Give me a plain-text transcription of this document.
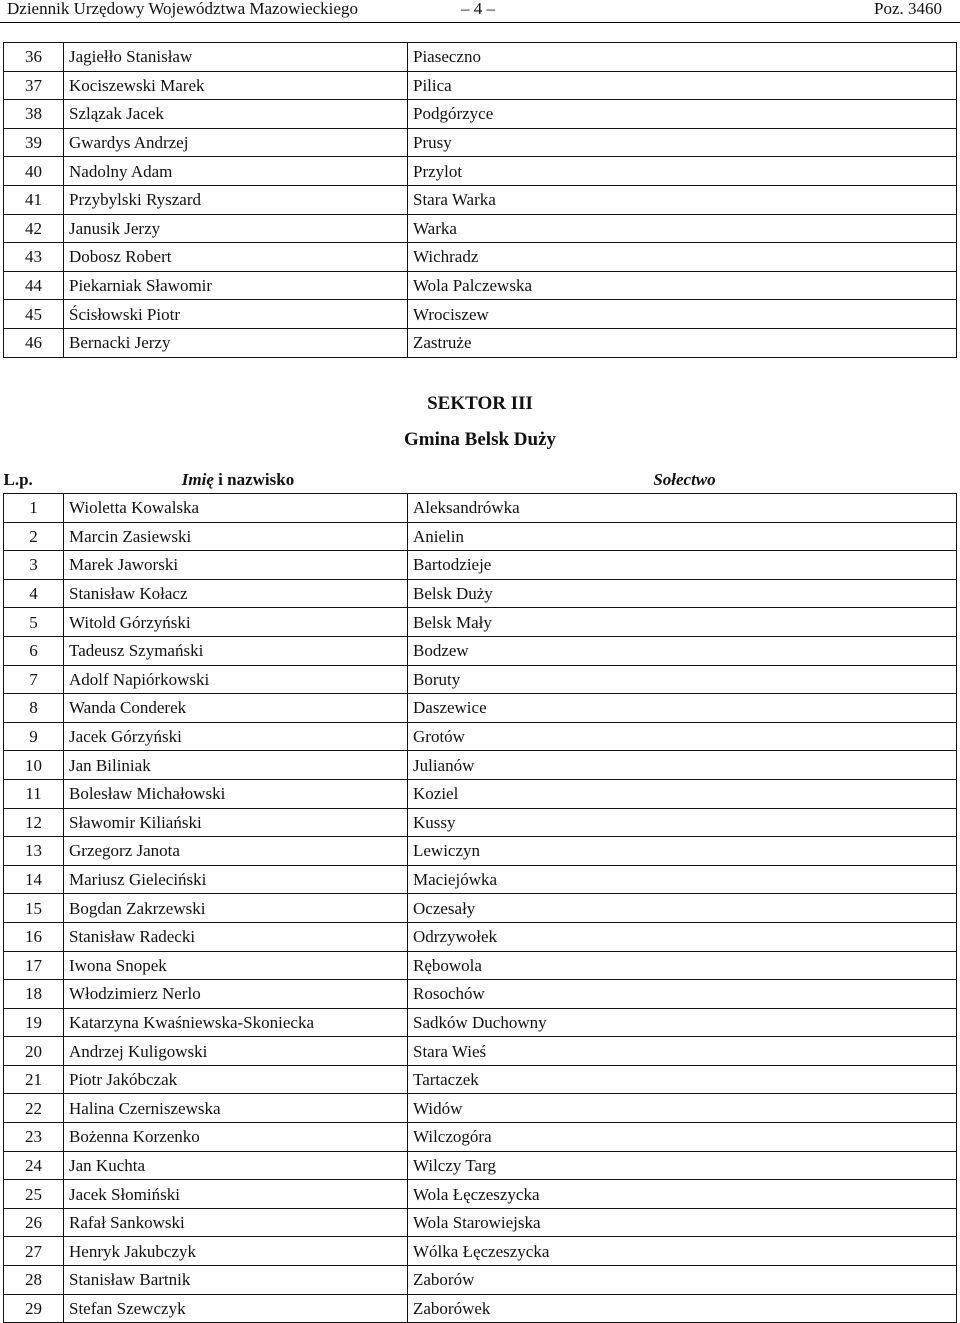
Dziennik Urzędowy Województwa Mazowieckiego	– 4 –	Poz. 3460
36	Jagiełło Stanisław	Piaseczno
37	Kociszewski Marek	Pilica
38	Szlązak Jacek	Podgórzyce
39	Gwardys Andrzej	Prusy
40	Nadolny Adam	Przylot
41	Przybylski Ryszard	Stara Warka
42	Janusik Jerzy	Warka
43	Dobosz Robert	Wichradz
44	Piekarniak Sławomir	Wola Palczewska
45	Ścisłowski Piotr	Wrociszew
46	Bernacki Jerzy	Zastruże
SEKTOR III
Gmina Belsk Duży
L.p.	Imię i nazwisko	Sołectwo
1	Wioletta Kowalska	Aleksandrówka
2	Marcin Zasiewski	Anielin
3	Marek Jaworski	Bartodzieje
4	Stanisław Kołacz	Belsk Duży
5	Witold Górzyński	Belsk Mały
6	Tadeusz Szymański	Bodzew
7	Adolf Napiórkowski	Boruty
8	Wanda Conderek	Daszewice
9	Jacek Górzyński	Grotów
10	Jan Biliniak	Julianów
11	Bolesław Michałowski	Koziel
12	Sławomir Kiliański	Kussy
13	Grzegorz Janota	Lewiczyn
14	Mariusz Gieleciński	Maciejówka
15	Bogdan Zakrzewski	Oczesały
16	Stanisław Radecki	Odrzywołek
17	Iwona Snopek	Rębowola
18	Włodzimierz Nerlo	Rosochów
19	Katarzyna Kwaśniewska-Skoniecka	Sadków Duchowny
20	Andrzej Kuligowski	Stara Wieś
21	Piotr Jakóbczak	Tartaczek
22	Halina Czerniszewska	Widów
23	Bożenna Korzenko	Wilczogóra
24	Jan Kuchta	Wilczy Targ
25	Jacek Słomiński	Wola Łęczeszycka
26	Rafał Sankowski	Wola Starowiejska
27	Henryk Jakubczyk	Wólka Łęczeszycka
28	Stanisław Bartnik	Zaborów
29	Stefan Szewczyk	Zaborówek
